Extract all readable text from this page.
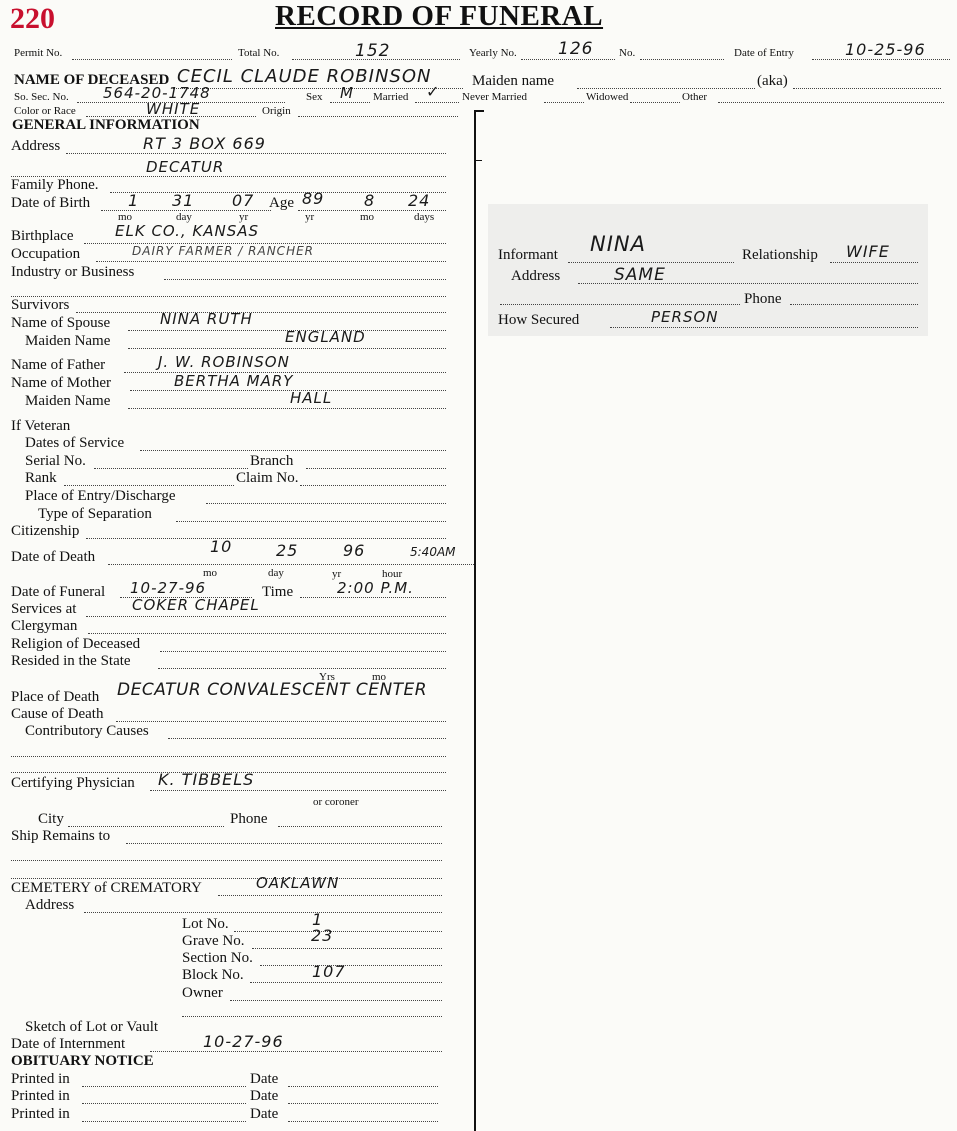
220	RECORD OF FUNERAL
Permit No.	Total No.	152	Yearly No. 126 No.	Date of Entry	10-25-96
NAME OF DECEASED CECIL CLAUDE ROBINSON	Maiden name	(aka)
So. Sec. No. 564-20-1748	Sex M Married ✓ Never Married	Widowed	Other
Color or Race	WHITE	Origin
GENERAL INFORMATION
Address	RT 3 BOX 669
DECATUR
Family Phone.
Date of Birth 1 31 07 Age 89 8 24
mo	day	yr	yr	mo	days
Birthplace	ELK CO., KANSAS
Occupation	DAIRY FARMER / RANCHER
Industry or Business
Survivors
Name of Spouse	NINA RUTH
Maiden Name	ENGLAND
Name of Father	J. W. ROBINSON
Name of Mother	BERTHA MARY
Maiden Name	HALL
If Veteran
Dates of Service
Serial No.	Branch
Rank	Claim No.
Place of Entry/Discharge
Type of Separation
Citizenship
Date of Death
10	25	96	5:40AM
mo	day	yr	hour
Date of Funeral 10-27-96	Time	2:00 P.M.
Services at	COKER CHAPEL
Clergyman
Religion of Deceased
Resided in the State
Yrs	mo
Place of Death DECATUR CONVALESCENT CENTER
Cause of Death
Contributory Causes
Certifying Physician K. TIBBELS
or coroner
City	Phone
Ship Remains to
CEMETERY of CREMATORY	OAKLAWN
Address
Lot No.	1
Grave No.	23
Section No.
Block No.	107
Owner
Sketch of Lot or Vault
Date of Internment	10-27-96
OBITUARY NOTICE
Printed in	Date
Printed in	Date
Printed in	Date
Informant NINA	Relationship WIFE
Address	SAME
Phone
How Secured	PERSON
